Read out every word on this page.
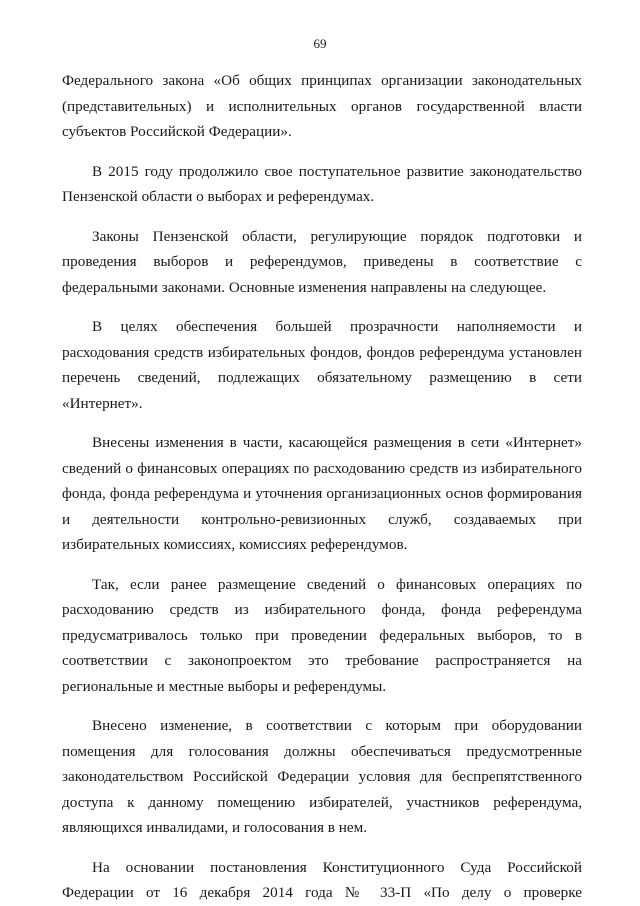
69

Федерального закона «Об общих принципах организации законодательных (представительных) и исполнительных органов государственной власти субъектов Российской Федерации».

В 2015 году продолжило свое поступательное развитие законодательство Пензенской области о выборах и референдумах.

Законы Пензенской области, регулирующие порядок подготовки и проведения выборов и референдумов, приведены в соответствие с федеральными законами. Основные изменения направлены на следующее.

В целях обеспечения большей прозрачности наполняемости и расходования средств избирательных фондов, фондов референдума установлен перечень сведений, подлежащих обязательному размещению в сети «Интернет».

Внесены изменения в части, касающейся размещения в сети «Интернет» сведений о финансовых операциях по расходованию средств из избирательного фонда, фонда референдума и уточнения организационных основ формирования и деятельности контрольно-ревизионных служб, создаваемых при избирательных комиссиях, комиссиях референдумов.

Так, если ранее размещение сведений о финансовых операциях по расходованию средств из избирательного фонда, фонда референдума предусматривалось только при проведении федеральных выборов, то в соответствии с законопроектом это требование распространяется на региональные и местные выборы и референдумы.

Внесено изменение, в соответствии с которым при оборудовании помещения для голосования должны обеспечиваться предусмотренные законодательством Российской Федерации условия для беспрепятственного доступа к данному помещению избирателей, участников референдума, являющихся инвалидами, и голосования в нем.

На основании постановления Конституционного Суда Российской Федерации от 16 декабря 2014 года № 33-П «По делу о проверке
